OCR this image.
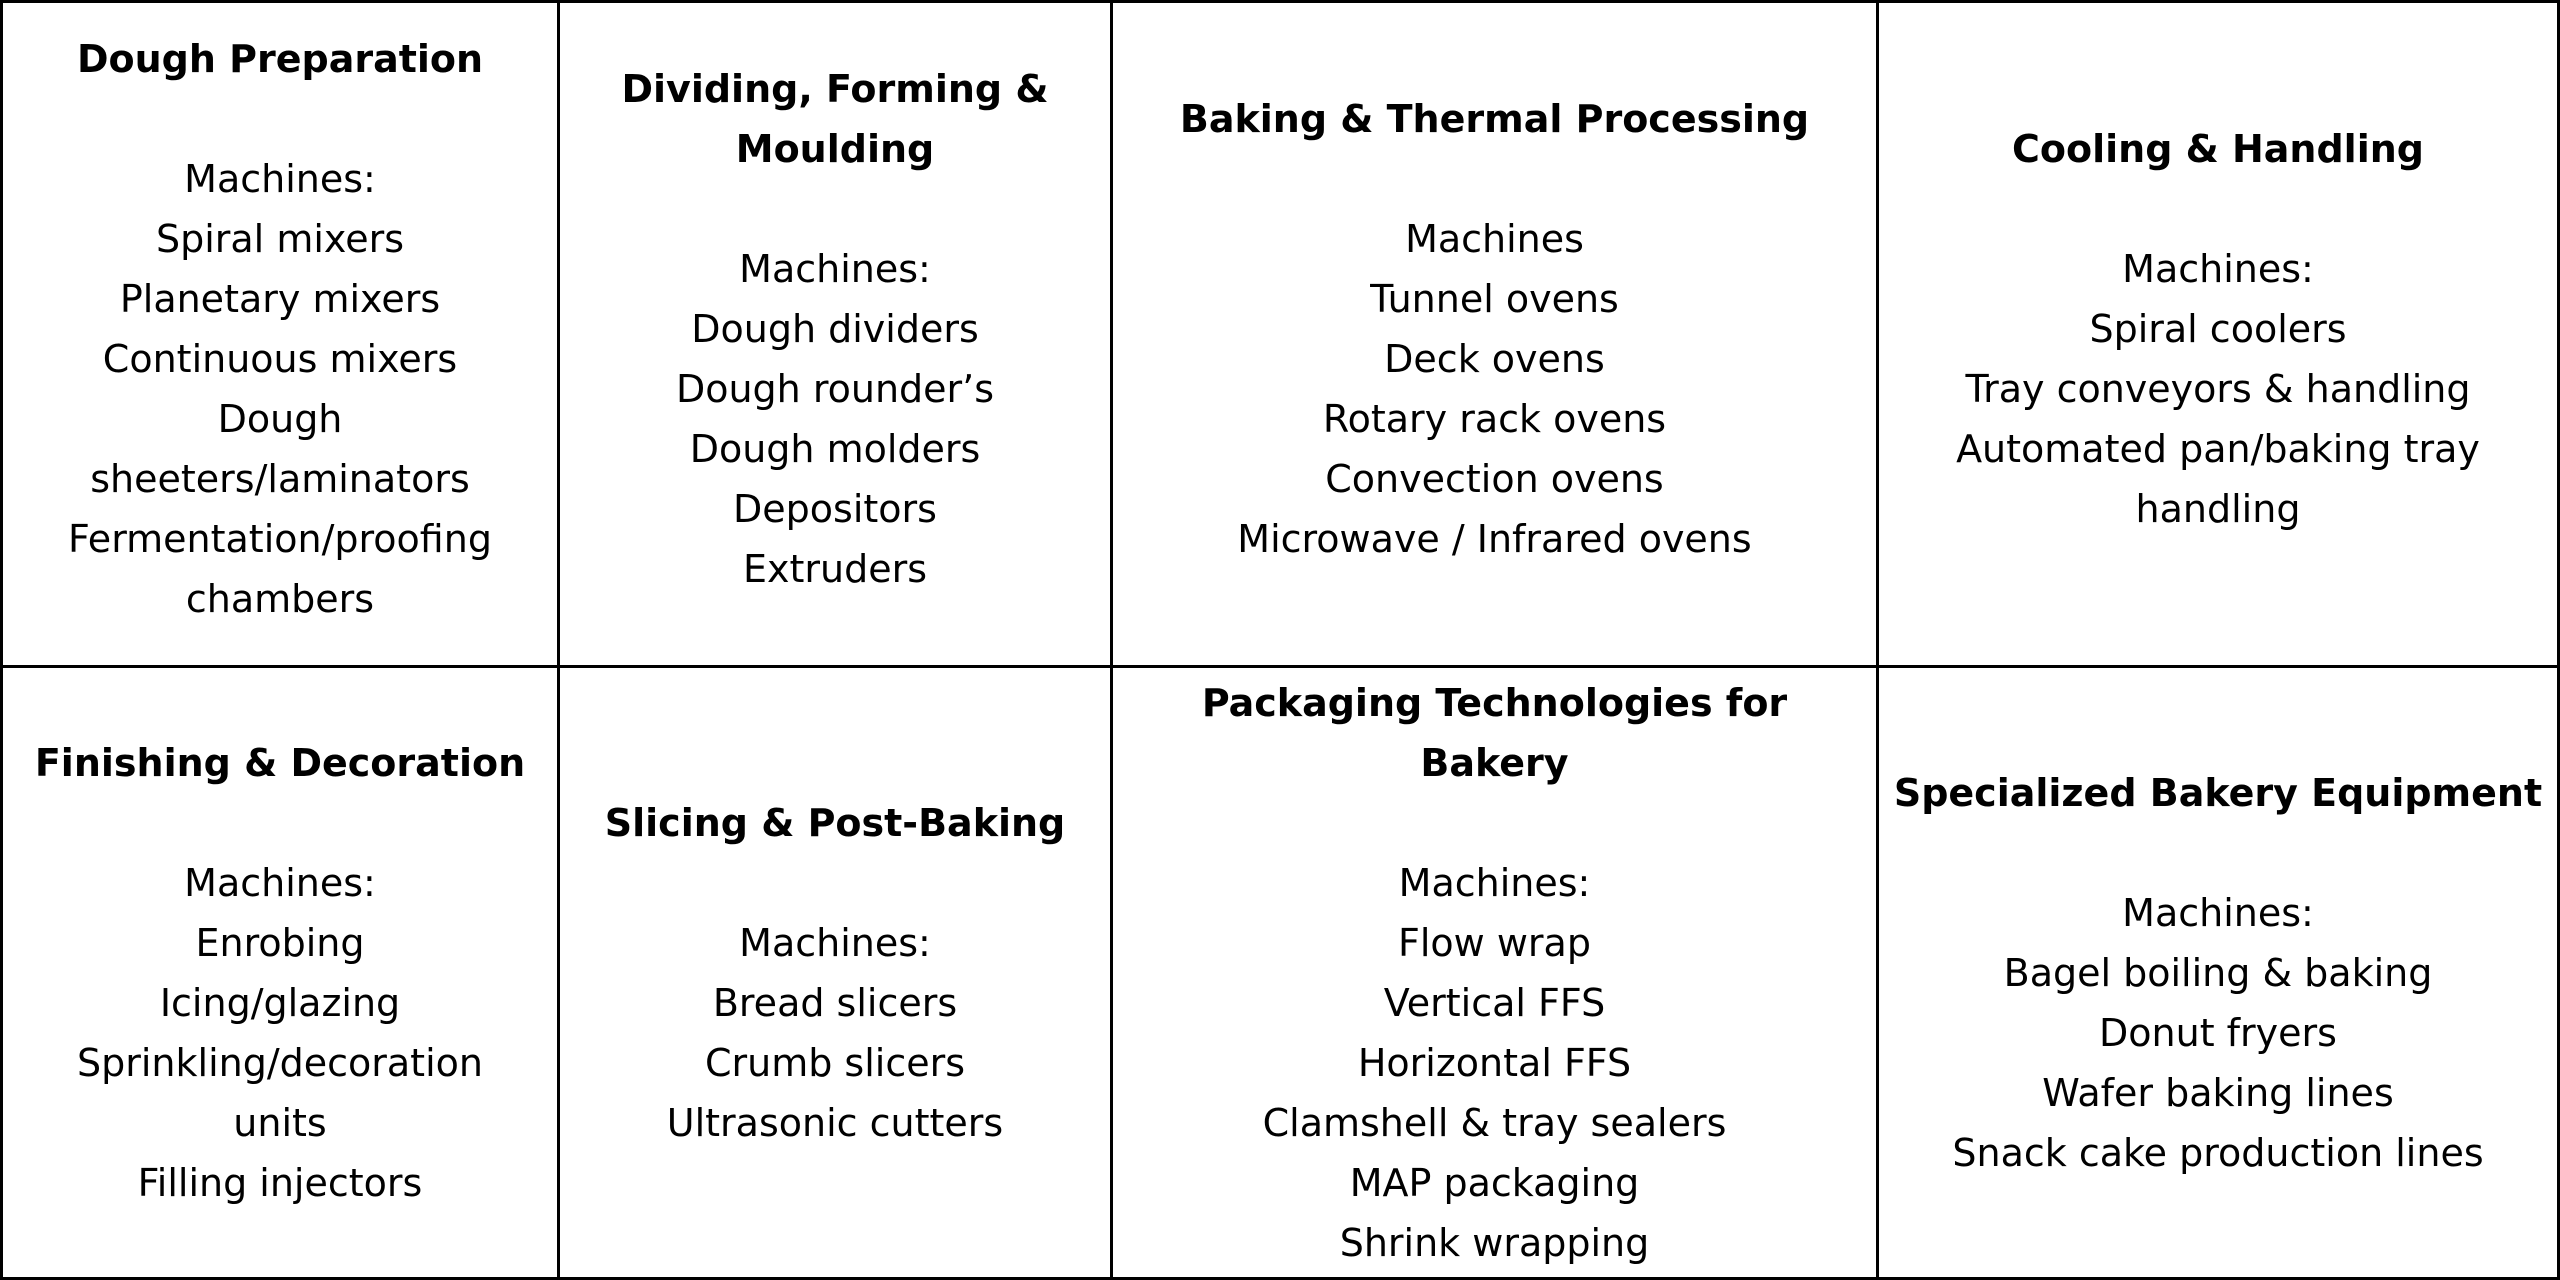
Dough Preparation
Machines:
Spiral mixers
Planetary mixers
Continuous mixers
Dough sheeters/laminators
Fermentation/proofing chambers
Dividing, Forming & Moulding
Machines:
Dough dividers
Dough rounder’s
Dough molders
Depositors
Extruders
Baking & Thermal Processing
Machines
Tunnel ovens
Deck ovens
Rotary rack ovens
Convection ovens
Microwave / Infrared ovens
Cooling & Handling
Machines:
Spiral coolers
Tray conveyors & handling
Automated pan/baking tray handling
Finishing & Decoration
Machines:
Enrobing
Icing/glazing
Sprinkling/decoration units
Filling injectors
Slicing & Post-Baking
Machines:
Bread slicers
Crumb slicers
Ultrasonic cutters
Packaging Technologies for Bakery
Machines:
Flow wrap
Vertical FFS
Horizontal FFS
Clamshell & tray sealers
MAP packaging
Shrink wrapping
Specialized Bakery Equipment
Machines:
Bagel boiling & baking
Donut fryers
Wafer baking lines
Snack cake production lines
